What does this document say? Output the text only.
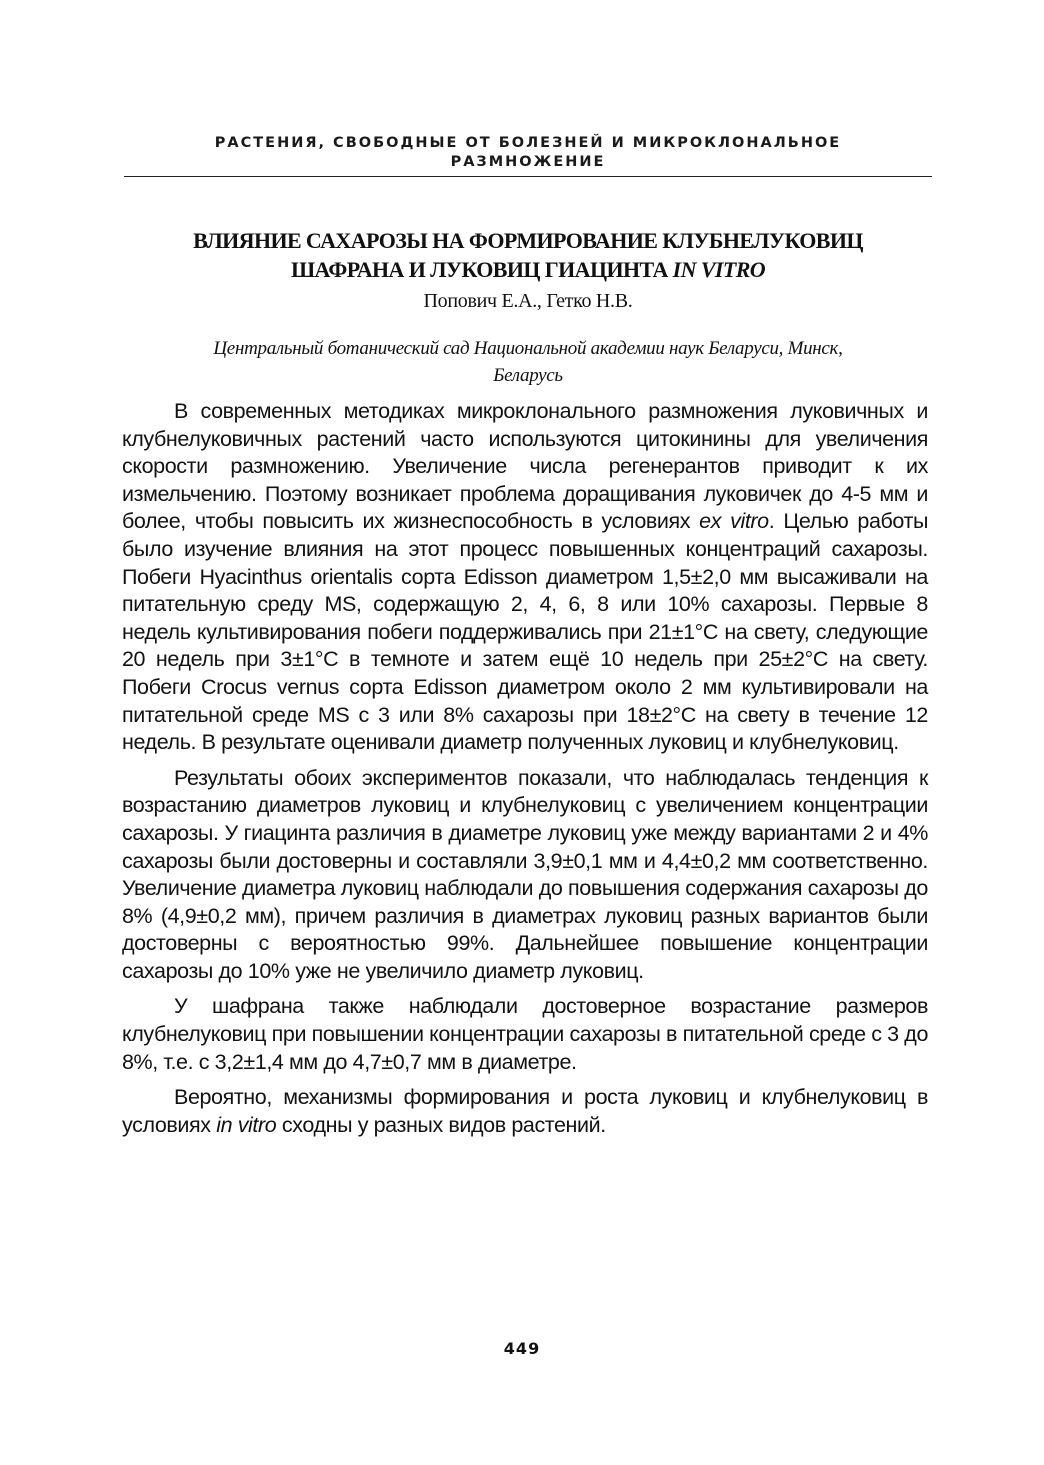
РАСТЕНИЯ, СВОБОДНЫЕ ОТ БОЛЕЗНЕЙ И МИКРОКЛОНАЛЬНОЕ
РАЗМНОЖЕНИЕ
ВЛИЯНИЕ САХАРОЗЫ НА ФОРМИРОВАНИЕ КЛУБНЕЛУКОВИЦ
ШАФРАНА И ЛУКОВИЦ ГИАЦИНТА IN VITRO
Попович Е.А., Гетко Н.В.
Центральный ботанический сад Национальной академии наук Беларуси, Минск,
Беларусь

В современных методиках микроклонального размножения луковичных и клубнелуковичных растений часто используются цитокинины для увеличения скорости размножению. Увеличение числа регенерантов приводит к их измельчению. Поэтому возникает проблема доращивания луковичек до 4-5 мм и более, чтобы повысить их жизнеспособность в условиях ex vitro. Целью работы было изучение влияния на этот процесс повышенных концентраций сахарозы. Побеги Hyacinthus orientalis сорта Edisson диаметром 1,5±2,0 мм высаживали на питательную среду MS, содержащую 2, 4, 6, 8 или 10% сахарозы. Первые 8 недель культивирования побеги поддерживались при 21±1°С на свету, следующие 20 недель при 3±1°С в темноте и затем ещё 10 недель при 25±2°С на свету. Побеги Crocus vernus сорта Edisson диаметром около 2 мм культивировали на питательной среде MS с 3 или 8% сахарозы при 18±2°С на свету в течение 12 недель. В результате оценивали диаметр полученных луковиц и клубнелуковиц.

Результаты обоих экспериментов показали, что наблюдалась тенденция к возрастанию диаметров луковиц и клубнелуковиц с увеличением концентрации сахарозы. У гиацинта различия в диаметре луковиц уже между вариантами 2 и 4% сахарозы были достоверны и составляли 3,9±0,1 мм и 4,4±0,2 мм соответственно. Увеличение диаметра луковиц наблюдали до повышения содержания сахарозы до 8% (4,9±0,2 мм), причем различия в диаметрах луковиц разных вариантов были достоверны с вероятностью 99%. Дальнейшее повышение концентрации сахарозы до 10% уже не увеличило диаметр луковиц.

У шафрана также наблюдали достоверное возрастание размеров клубнелуковиц при повышении концентрации сахарозы в питательной среде с 3 до 8%, т.е. с 3,2±1,4 мм до 4,7±0,7 мм в диаметре.

Вероятно, механизмы формирования и роста луковиц и клубнелуковиц в условиях in vitro сходны у разных видов растений.

449
